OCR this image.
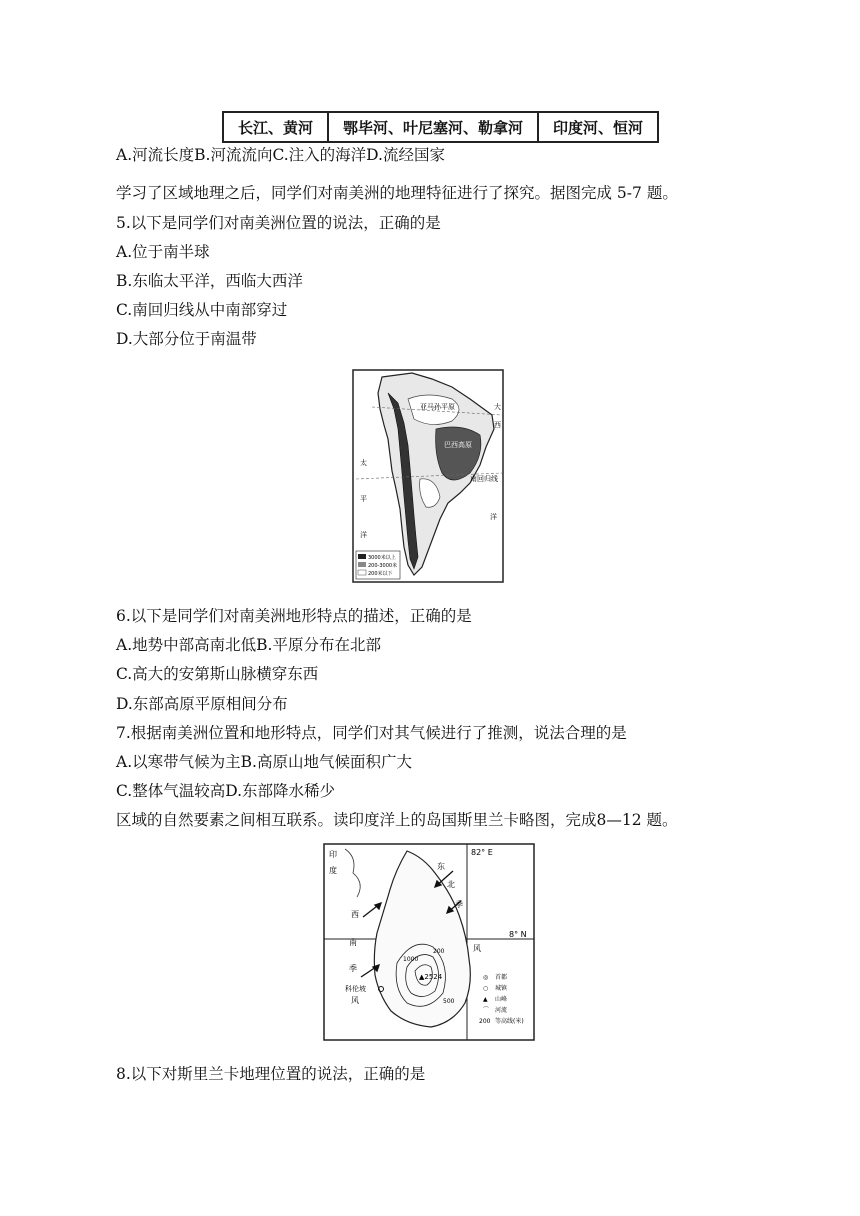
长江、黄河	鄂毕河、叶尼塞河、勒拿河	印度河、恒河
A.河流长度B.河流流向C.注入的海洋D.流经国家
学习了区域地理之后，同学们对南美洲的地理特征进行了探究。据图完成 5-7 题。
5.以下是同学们对南美洲位置的说法，正确的是
A.位于南半球
B.东临太平洋，西临大西洋
C.南回归线从中南部穿过
D.大部分位于南温带
亚马孙平原
巴西高原
南回归线
大
西
洋
太
平
洋
3000米以上
200-3000米
200米以下
6.以下是同学们对南美洲地形特点的描述，正确的是
A.地势中部高南北低B.平原分布在北部
C.高大的安第斯山脉横穿东西
D.东部高原平原相间分布
7.根据南美洲位置和地形特点，同学们对其气候进行了推测，说法合理的是
A.以寒带气候为主B.高原山地气候面积广大
C.整体气温较高D.东部降水稀少
区域的自然要素之间相互联系。读印度洋上的岛国斯里兰卡略图，完成8—12 题。
82° E
8° N
印
度
▲2524
200
500
1000
东
北
季
风
西
南
季
风
科伦坡
◎ 首都
○ 城镇
▲ 山峰
⌒ 河流
200 等高线(米)
8.以下对斯里兰卡地理位置的说法，正确的是
